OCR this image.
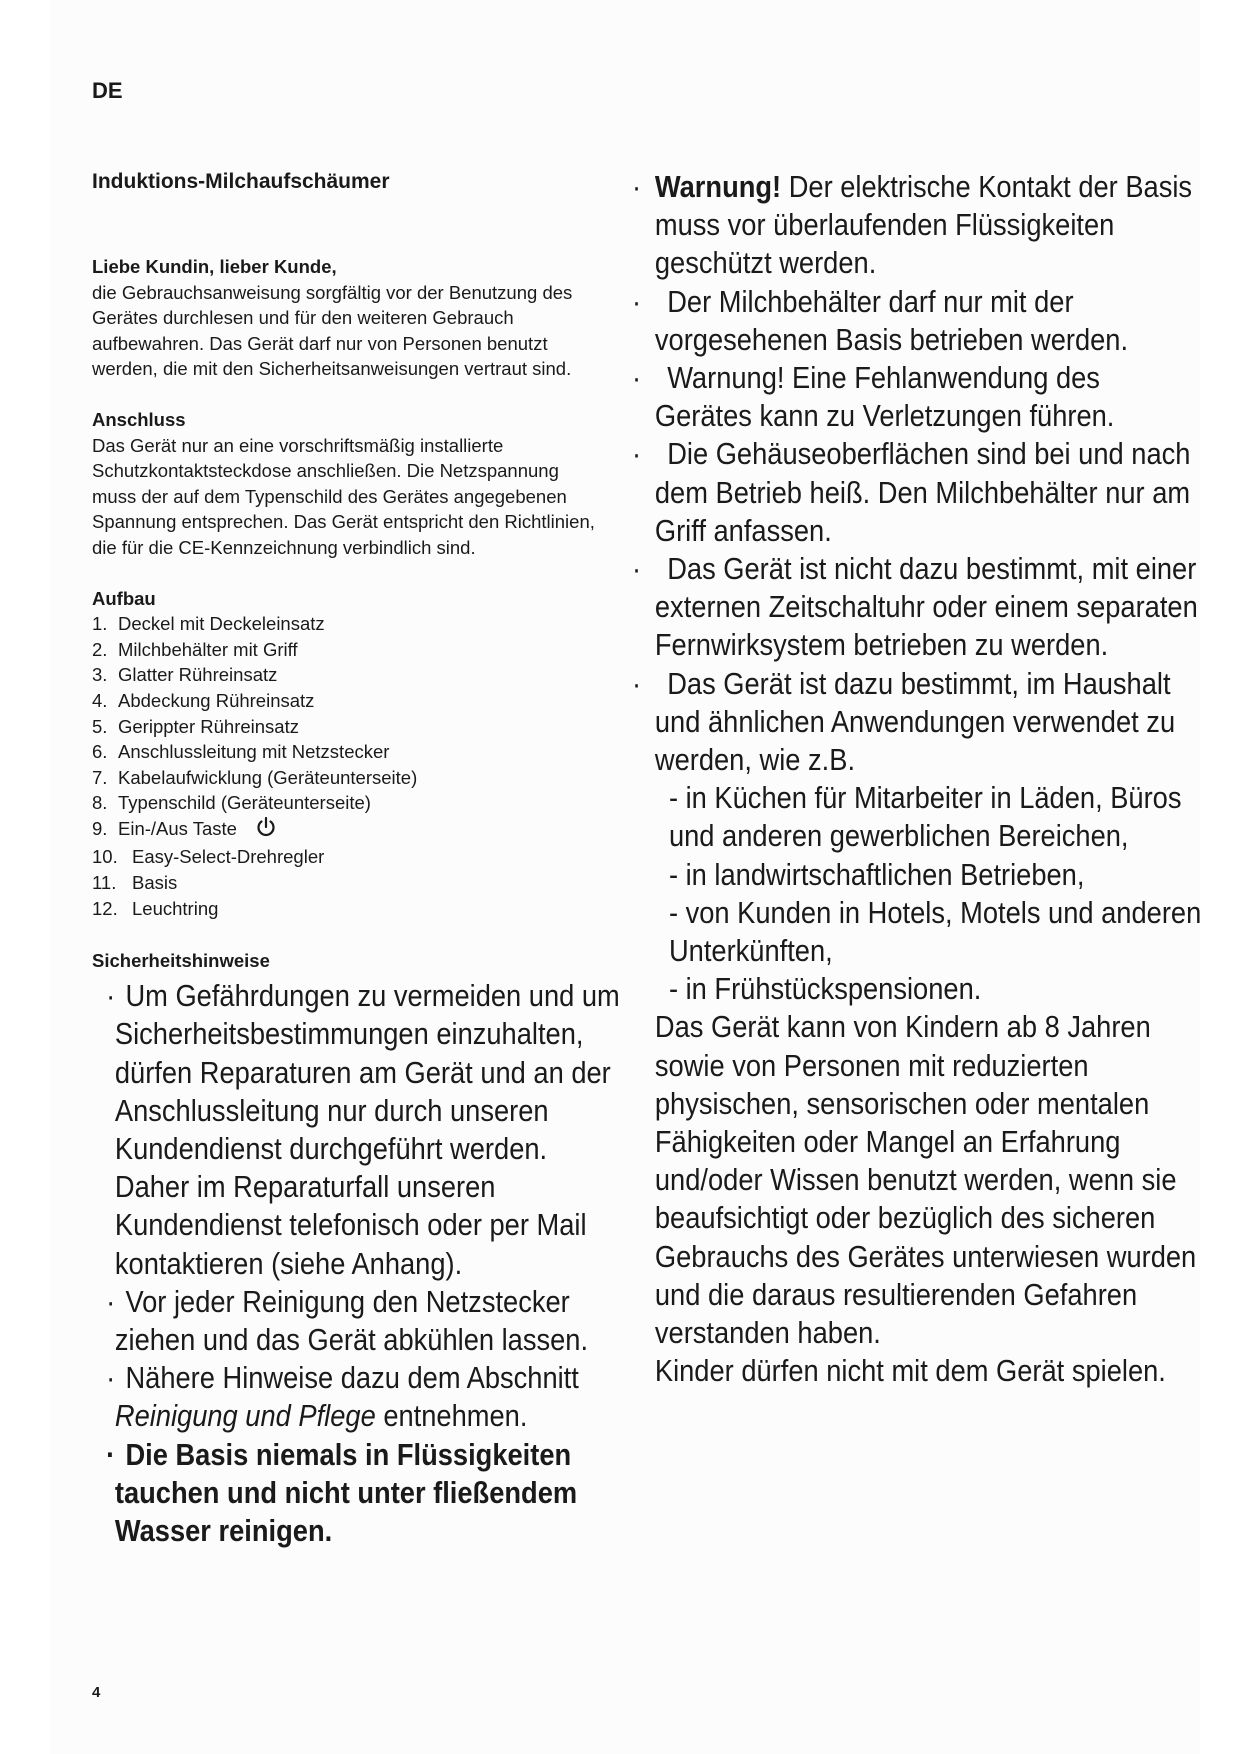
DE
Induktions-Milchaufschäumer
Liebe Kundin, lieber Kunde,
die Gebrauchsanweisung sorgfältig vor der Benutzung des Gerätes durchlesen und für den weiteren Gebrauch aufbewahren. Das Gerät darf nur von Personen benutzt werden, die mit den Sicherheitsanweisungen vertraut sind.
Anschluss
Das Gerät nur an eine vorschriftsmäßig installierte Schutzkontaktsteckdose anschließen. Die Netzspannung muss der auf dem Typenschild des Gerätes angegebenen Spannung entsprechen. Das Gerät entspricht den Richtlinien, die für die CE-Kennzeichnung verbindlich sind.
Aufbau
1. Deckel mit Deckeleinsatz
2. Milchbehälter mit Griff
3. Glatter Rühreinsatz
4. Abdeckung Rühreinsatz
5. Gerippter Rühreinsatz
6. Anschlussleitung mit Netzstecker
7. Kabelaufwicklung (Geräteunterseite)
8. Typenschild (Geräteunterseite)
9. Ein-/Aus Taste
10. Easy-Select-Drehregler
11. Basis
12. Leuchtring
Sicherheitshinweise
· Um Gefährdungen zu vermeiden und um Sicherheitsbestimmungen einzuhalten, dürfen Reparaturen am Gerät und an der Anschlussleitung nur durch unseren Kundendienst durchgeführt werden. Daher im Reparaturfall unseren Kundendienst telefonisch oder per Mail kontaktieren (siehe Anhang).
· Vor jeder Reinigung den Netzstecker ziehen und das Gerät abkühlen lassen.
· Nähere Hinweise dazu dem Abschnitt Reinigung und Pflege entnehmen.
· Die Basis niemals in Flüssigkeiten tauchen und nicht unter fließendem Wasser reinigen.
· Warnung! Der elektrische Kontakt der Basis muss vor überlaufenden Flüssigkeiten geschützt werden.
· Der Milchbehälter darf nur mit der vorgesehenen Basis betrieben werden.
· Warnung! Eine Fehlanwendung des Gerätes kann zu Verletzungen führen.
· Die Gehäuseoberflächen sind bei und nach dem Betrieb heiß. Den Milchbehälter nur am Griff anfassen.
· Das Gerät ist nicht dazu bestimmt, mit einer externen Zeitschaltuhr oder einem separaten Fernwirksystem betrieben zu werden.
· Das Gerät ist dazu bestimmt, im Haushalt und ähnlichen Anwendungen verwendet zu werden, wie z.B.
- in Küchen für Mitarbeiter in Läden, Büros und anderen gewerblichen Bereichen,
- in landwirtschaftlichen Betrieben,
- von Kunden in Hotels, Motels und anderen Unterkünften,
- in Frühstückspensionen.
Das Gerät kann von Kindern ab 8 Jahren sowie von Personen mit reduzierten physischen, sensorischen oder mentalen Fähigkeiten oder Mangel an Erfahrung und/oder Wissen benutzt werden, wenn sie beaufsichtigt oder bezüglich des sicheren Gebrauchs des Gerätes unterwiesen wurden und die daraus resultierenden Gefahren verstanden haben.
Kinder dürfen nicht mit dem Gerät spielen.
4
